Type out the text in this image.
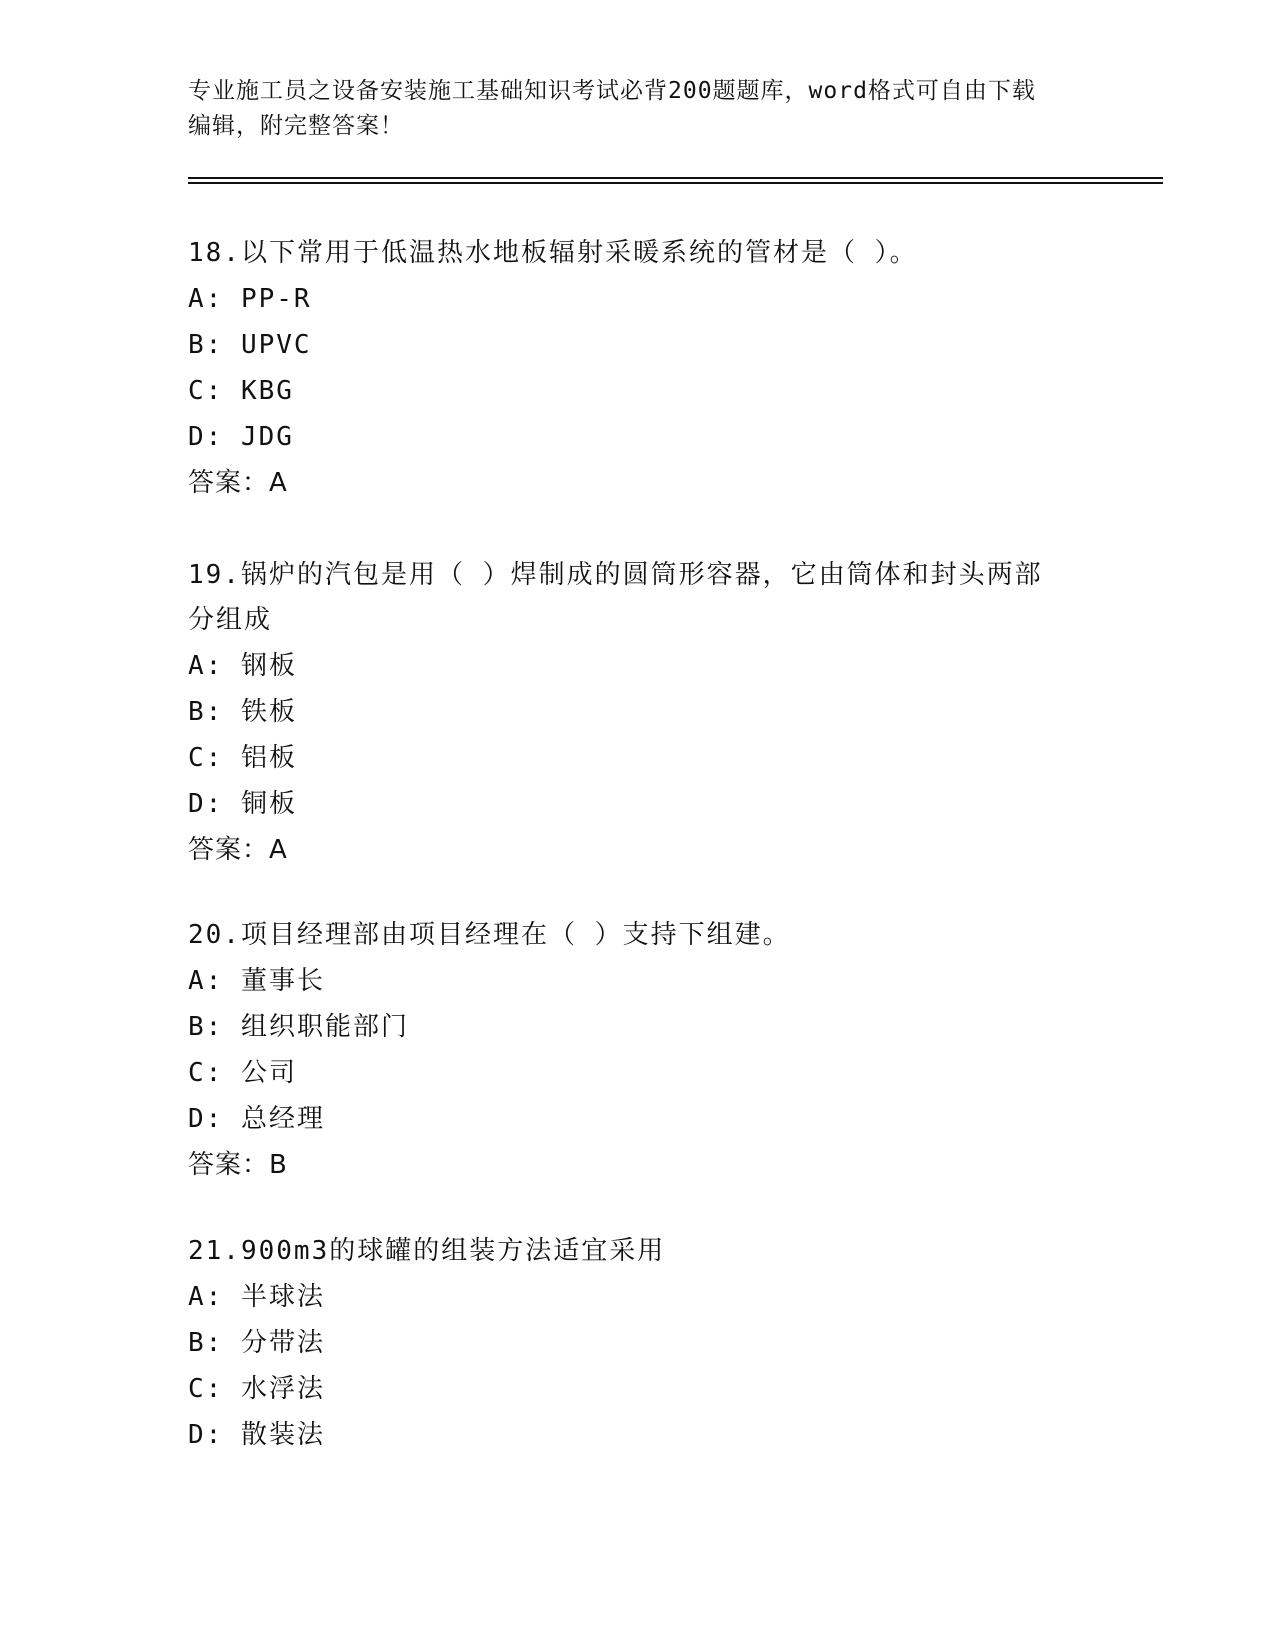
专业施工员之设备安装施工基础知识考试必背200题题库，word格式可自由下载
编辑，附完整答案！

18.以下常用于低温热水地板辐射采暖系统的管材是（ ）。

A: PP-R

B: UPVC

C: KBG

D: JDG

答案：A

19.锅炉的汽包是用（ ）焊制成的圆筒形容器，它由筒体和封头两部

分组成

A: 钢板

B: 铁板

C: 铝板

D: 铜板

答案：A

20.项目经理部由项目经理在（ ）支持下组建。

A: 董事长

B: 组织职能部门

C: 公司

D: 总经理

答案：B

21.900m3的球罐的组装方法适宜采用

A: 半球法

B: 分带法

C: 水浮法

D: 散装法
